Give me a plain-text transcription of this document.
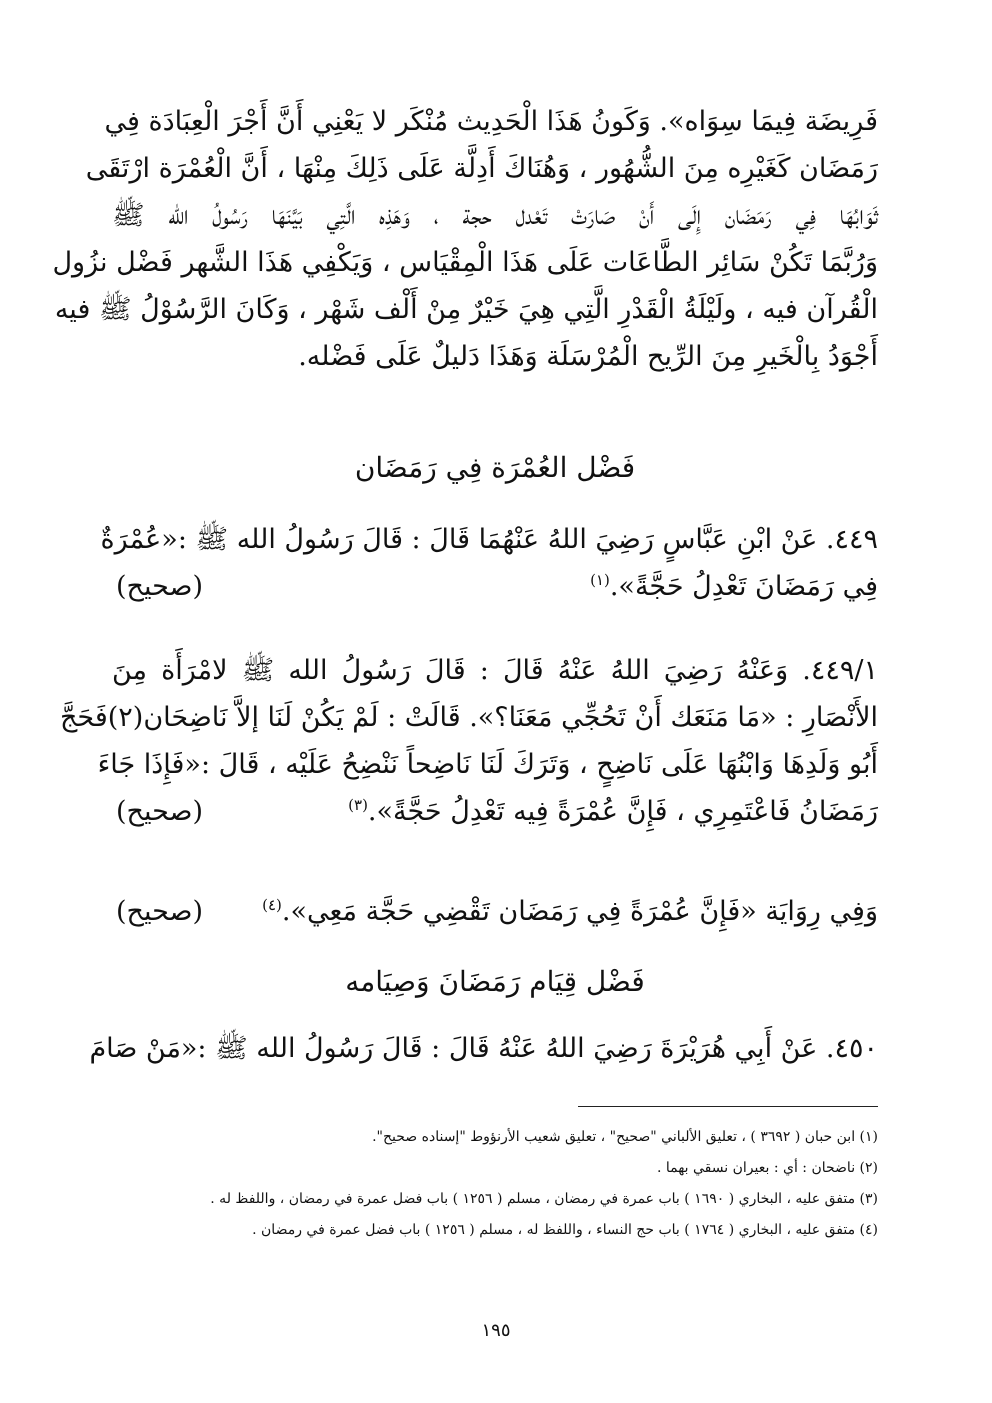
فَرِيضَة فِيمَا سِوَاه». وَكَونُ هَذَا الْحَدِيث مُنْكَر لا يَعْنِي أَنَّ أَجْرَ الْعِبَادَة فِي
رَمَضَان كَغَيْرِه مِنَ الشُّهُور ، وَهُنَاكَ أَدِلَّة عَلَى ذَلِكَ مِنْهَا ، أَنَّ الْعُمْرَة ارْتَقَى
ثَوَابُهَا فِي رَمَضَان إِلَى أَنْ صَارَتْ تَعْدل حجة ، وَهَذِه الَّتِي بَيَّنَهَا رَسُولُ الله ﷺ
وَرُبَّمَا تَكُنْ سَائِر الطَّاعَات عَلَى هَذَا الْمِقْيَاس ، وَيَكْفِي هَذَا الشَّهر فَضْل نزُول
الْقُرآن فيه ، ولَيْلَةُ الْقَدْرِ الَّتِي هِيَ خَيْرٌ مِنْ أَلْف شَهْر ، وَكَانَ الرَّسُوْلُ ﷺ فيه
أَجْوَدُ بِالْخَيرِ مِنَ الرِّيح الْمُرْسَلَة وَهَذَا دَليلٌ عَلَى فَضْله.
فَضْل العُمْرَة فِي رَمَضَان
٤٤٩. عَنْ ابْنِ عَبَّاسٍ رَضِيَ اللهُ عَنْهُمَا قَالَ : قَالَ رَسُولُ الله ﷺ :«عُمْرَةٌ
فِي رَمَضَانَ تَعْدِلُ حَجَّةً».$^{(١)}$
(صحيح)
٤٤٩/١. وَعَنْهُ رَضِيَ اللهُ عَنْهُ قَالَ : قَالَ رَسُولُ الله ﷺ لامْرَأَة مِنَ
الأَنْصَارِ : «مَا مَنَعَك أَنْ تَحُجِّي مَعَنَا؟». قَالَتْ : لَمْ يَكُنْ لَنَا إلاَّ نَاضِحَان(٢)فَحَجَّ
أَبُو وَلَدِهَا وَابْنُهَا عَلَى نَاضِحٍ ، وَتَرَكَ لَنَا نَاضِحاً نَنْضِحُ عَلَيْه ، قَالَ :«فَإِذَا جَاءَ
رَمَضَانُ فَاعْتَمِرِي ، فَإِنَّ عُمْرَةً فِيه تَعْدِلُ حَجَّةً».$^{(٣)}$
(صحيح)
وَفِي رِوَايَة «فَإِنَّ عُمْرَةً فِي رَمَضَان تَقْضِي حَجَّة مَعِي».$^{(٤)}$
(صحيح)
فَضْل قِيَام رَمَضَانَ وَصِيَامه
٤٥٠. عَنْ أَبِي هُرَيْرَةَ رَضِيَ اللهُ عَنْهُ قَالَ : قَالَ رَسُولُ الله ﷺ :«مَنْ صَامَ
(١) ابن حبان ( ٣٦٩٢ ) ، تعليق الألباني "صحيح" ، تعليق شعيب الأرنؤوط "إسناده صحيح".
(٢) ناضحان : أي : بعيران نسقي بهما .
(٣) متفق عليه ، البخاري ( ١٦٩٠ ) باب عمرة في رمضان ، مسلم ( ١٢٥٦ ) باب فضل عمرة في رمضان ، واللفظ له .
(٤) متفق عليه ، البخاري ( ١٧٦٤ ) باب حج النساء ، واللفظ له ، مسلم ( ١٢٥٦ ) باب فضل عمرة في رمضان .
١٩٥
